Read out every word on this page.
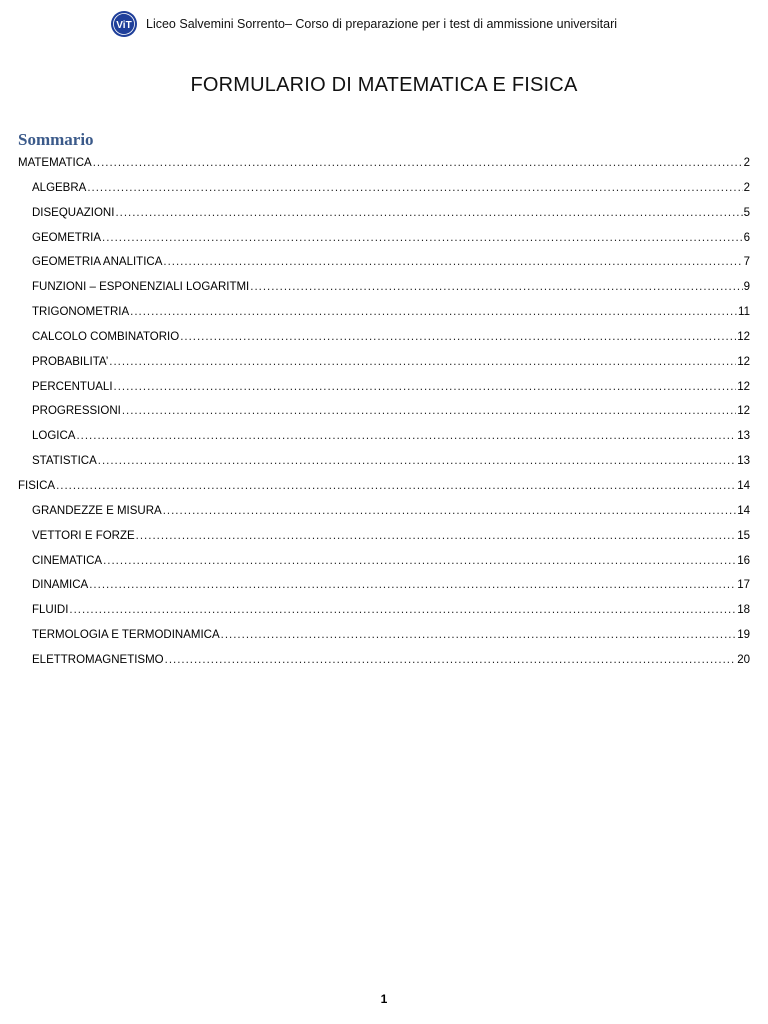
ViT Liceo Salvemini Sorrento– Corso di preparazione per i test di ammissione universitari
FORMULARIO DI MATEMATICA E FISICA
Sommario
MATEMATICA .....	2
ALGEBRA .....	2
DISEQUAZIONI .....	5
GEOMETRIA .....	6
GEOMETRIA ANALITICA .....	7
FUNZIONI – ESPONENZIALI LOGARITMI .....	9
TRIGONOMETRIA .....	11
CALCOLO COMBINATORIO .....	12
PROBABILITA’ .....	12
PERCENTUALI .....	12
PROGRESSIONI .....	12
LOGICA .....	13
STATISTICA .....	13
FISICA .....	14
GRANDEZZE E MISURA .....	14
VETTORI E FORZE .....	15
CINEMATICA .....	16
DINAMICA .....	17
FLUIDI .....	18
TERMOLOGIA E TERMODINAMICA .....	19
ELETTROMAGNETISMO .....	20
1
